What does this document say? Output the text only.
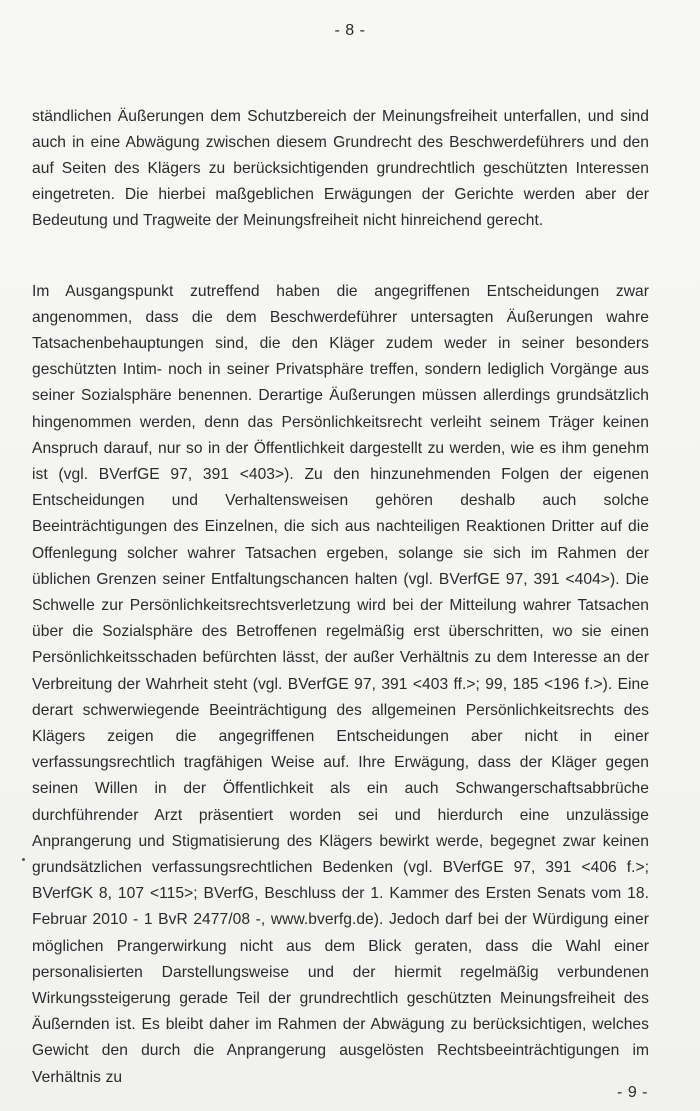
- 8 -

ständlichen Äußerungen dem Schutzbereich der Meinungsfreiheit unterfallen, und sind auch in eine Abwägung zwischen diesem Grundrecht des Beschwerdeführers und den auf Seiten des Klägers zu berücksichtigenden grundrechtlich geschützten Interessen eingetreten. Die hierbei maßgeblichen Erwägungen der Gerichte werden aber der Bedeutung und Tragweite der Meinungsfreiheit nicht hinreichend gerecht.

Im Ausgangspunkt zutreffend haben die angegriffenen Entscheidungen zwar angenommen, dass die dem Beschwerdeführer untersagten Äußerungen wahre Tatsachenbehauptungen sind, die den Kläger zudem weder in seiner besonders geschützten Intim- noch in seiner Privatsphäre treffen, sondern lediglich Vorgänge aus seiner Sozialsphäre benennen. Derartige Äußerungen müssen allerdings grundsätzlich hingenommen werden, denn das Persönlichkeitsrecht verleiht seinem Träger keinen Anspruch darauf, nur so in der Öffentlichkeit dargestellt zu werden, wie es ihm genehm ist (vgl. BVerfGE 97, 391 <403>). Zu den hinzunehmenden Folgen der eigenen Entscheidungen und Verhaltensweisen gehören deshalb auch solche Beeinträchtigungen des Einzelnen, die sich aus nachteiligen Reaktionen Dritter auf die Offenlegung solcher wahrer Tatsachen ergeben, solange sie sich im Rahmen der üblichen Grenzen seiner Entfaltungschancen halten (vgl. BVerfGE 97, 391 <404>). Die Schwelle zur Persönlichkeitsrechtsverletzung wird bei der Mitteilung wahrer Tatsachen über die Sozialsphäre des Betroffenen regelmäßig erst überschritten, wo sie einen Persönlichkeitsschaden befürchten lässt, der außer Verhältnis zu dem Interesse an der Verbreitung der Wahrheit steht (vgl. BVerfGE 97, 391 <403 ff.>; 99, 185 <196 f.>). Eine derart schwerwiegende Beeinträchtigung des allgemeinen Persönlichkeitsrechts des Klägers zeigen die angegriffenen Entscheidungen aber nicht in einer verfassungsrechtlich tragfähigen Weise auf. Ihre Erwägung, dass der Kläger gegen seinen Willen in der Öffentlichkeit als ein auch Schwangerschaftsabbrüche durchführender Arzt präsentiert worden sei und hierdurch eine unzulässige Anprangerung und Stigmatisierung des Klägers bewirkt werde, begegnet zwar keinen grundsätzlichen verfassungsrechtlichen Bedenken (vgl. BVerfGE 97, 391 <406 f.>; BVerfGK 8, 107 <115>; BVerfG, Beschluss der 1. Kammer des Ersten Senats vom 18. Februar 2010 - 1 BvR 2477/08 -, www.bverfg.de). Jedoch darf bei der Würdigung einer möglichen Prangerwirkung nicht aus dem Blick geraten, dass die Wahl einer personalisierten Darstellungsweise und der hiermit regelmäßig verbundenen Wirkungssteigerung gerade Teil der grundrechtlich geschützten Meinungsfreiheit des Äußernden ist. Es bleibt daher im Rahmen der Abwägung zu berücksichtigen, welches Gewicht den durch die Anprangerung ausgelösten Rechtsbeeinträchtigungen im Verhältnis zu

- 9 -
